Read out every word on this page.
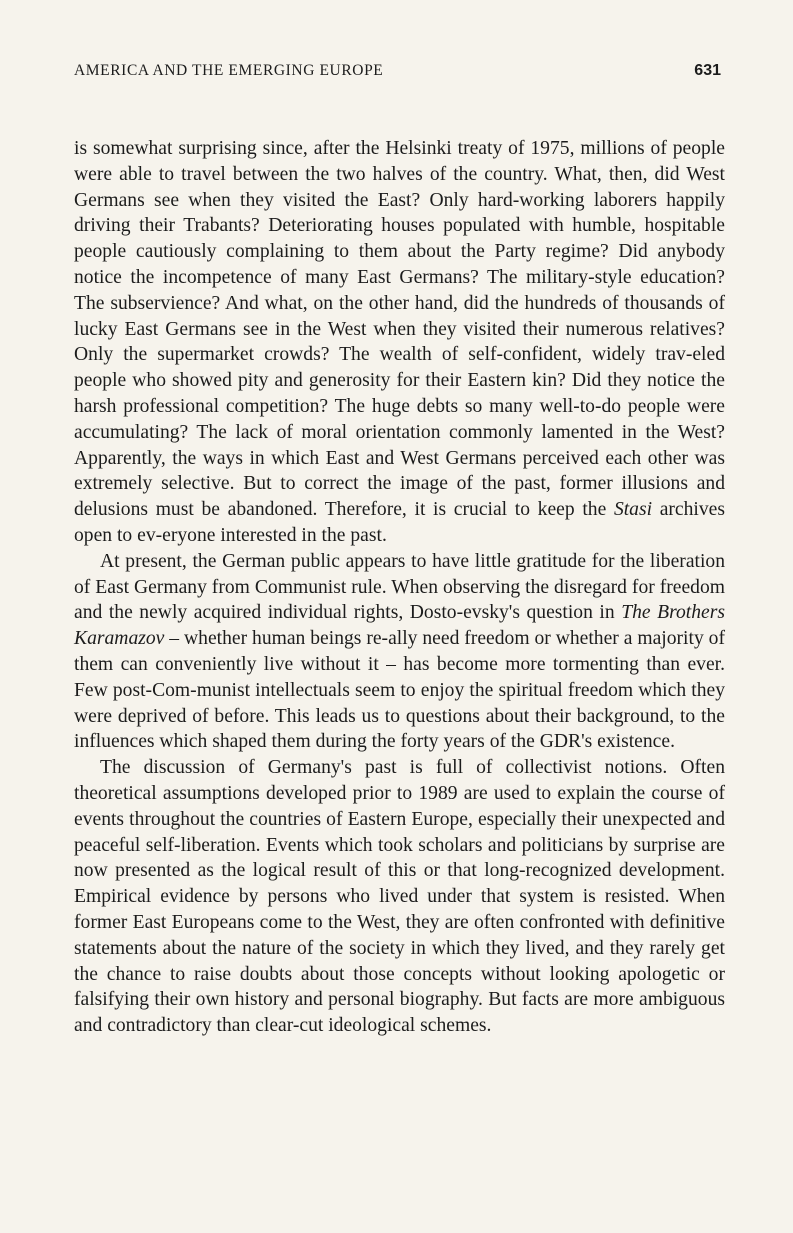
AMERICA AND THE EMERGING EUROPE	631

is somewhat surprising since, after the Helsinki treaty of 1975, millions of people were able to travel between the two halves of the country. What, then, did West Germans see when they visited the East? Only hard-working laborers happily driving their Trabants? Deteriorating houses populated with humble, hospitable people cautiously complaining to them about the Party regime? Did anybody notice the incompetence of many East Germans? The military-style education? The subservience? And what, on the other hand, did the hundreds of thousands of lucky East Germans see in the West when they visited their numerous relatives? Only the supermarket crowds? The wealth of self-confident, widely trav-eled people who showed pity and generosity for their Eastern kin? Did they notice the harsh professional competition? The huge debts so many well-to-do people were accumulating? The lack of moral orientation commonly lamented in the West? Apparently, the ways in which East and West Germans perceived each other was extremely selective. But to correct the image of the past, former illusions and delusions must be abandoned. Therefore, it is crucial to keep the Stasi archives open to ev-eryone interested in the past.

At present, the German public appears to have little gratitude for the liberation of East Germany from Communist rule. When observing the disregard for freedom and the newly acquired individual rights, Dosto-evsky's question in The Brothers Karamazov – whether human beings re-ally need freedom or whether a majority of them can conveniently live without it – has become more tormenting than ever. Few post-Com-munist intellectuals seem to enjoy the spiritual freedom which they were deprived of before. This leads us to questions about their background, to the influences which shaped them during the forty years of the GDR's existence.

The discussion of Germany's past is full of collectivist notions. Often theoretical assumptions developed prior to 1989 are used to explain the course of events throughout the countries of Eastern Europe, especially their unexpected and peaceful self-liberation. Events which took scholars and politicians by surprise are now presented as the logical result of this or that long-recognized development. Empirical evidence by persons who lived under that system is resisted. When former East Europeans come to the West, they are often confronted with definitive statements about the nature of the society in which they lived, and they rarely get the chance to raise doubts about those concepts without looking apologetic or falsifying their own history and personal biography. But facts are more ambiguous and contradictory than clear-cut ideological schemes.
